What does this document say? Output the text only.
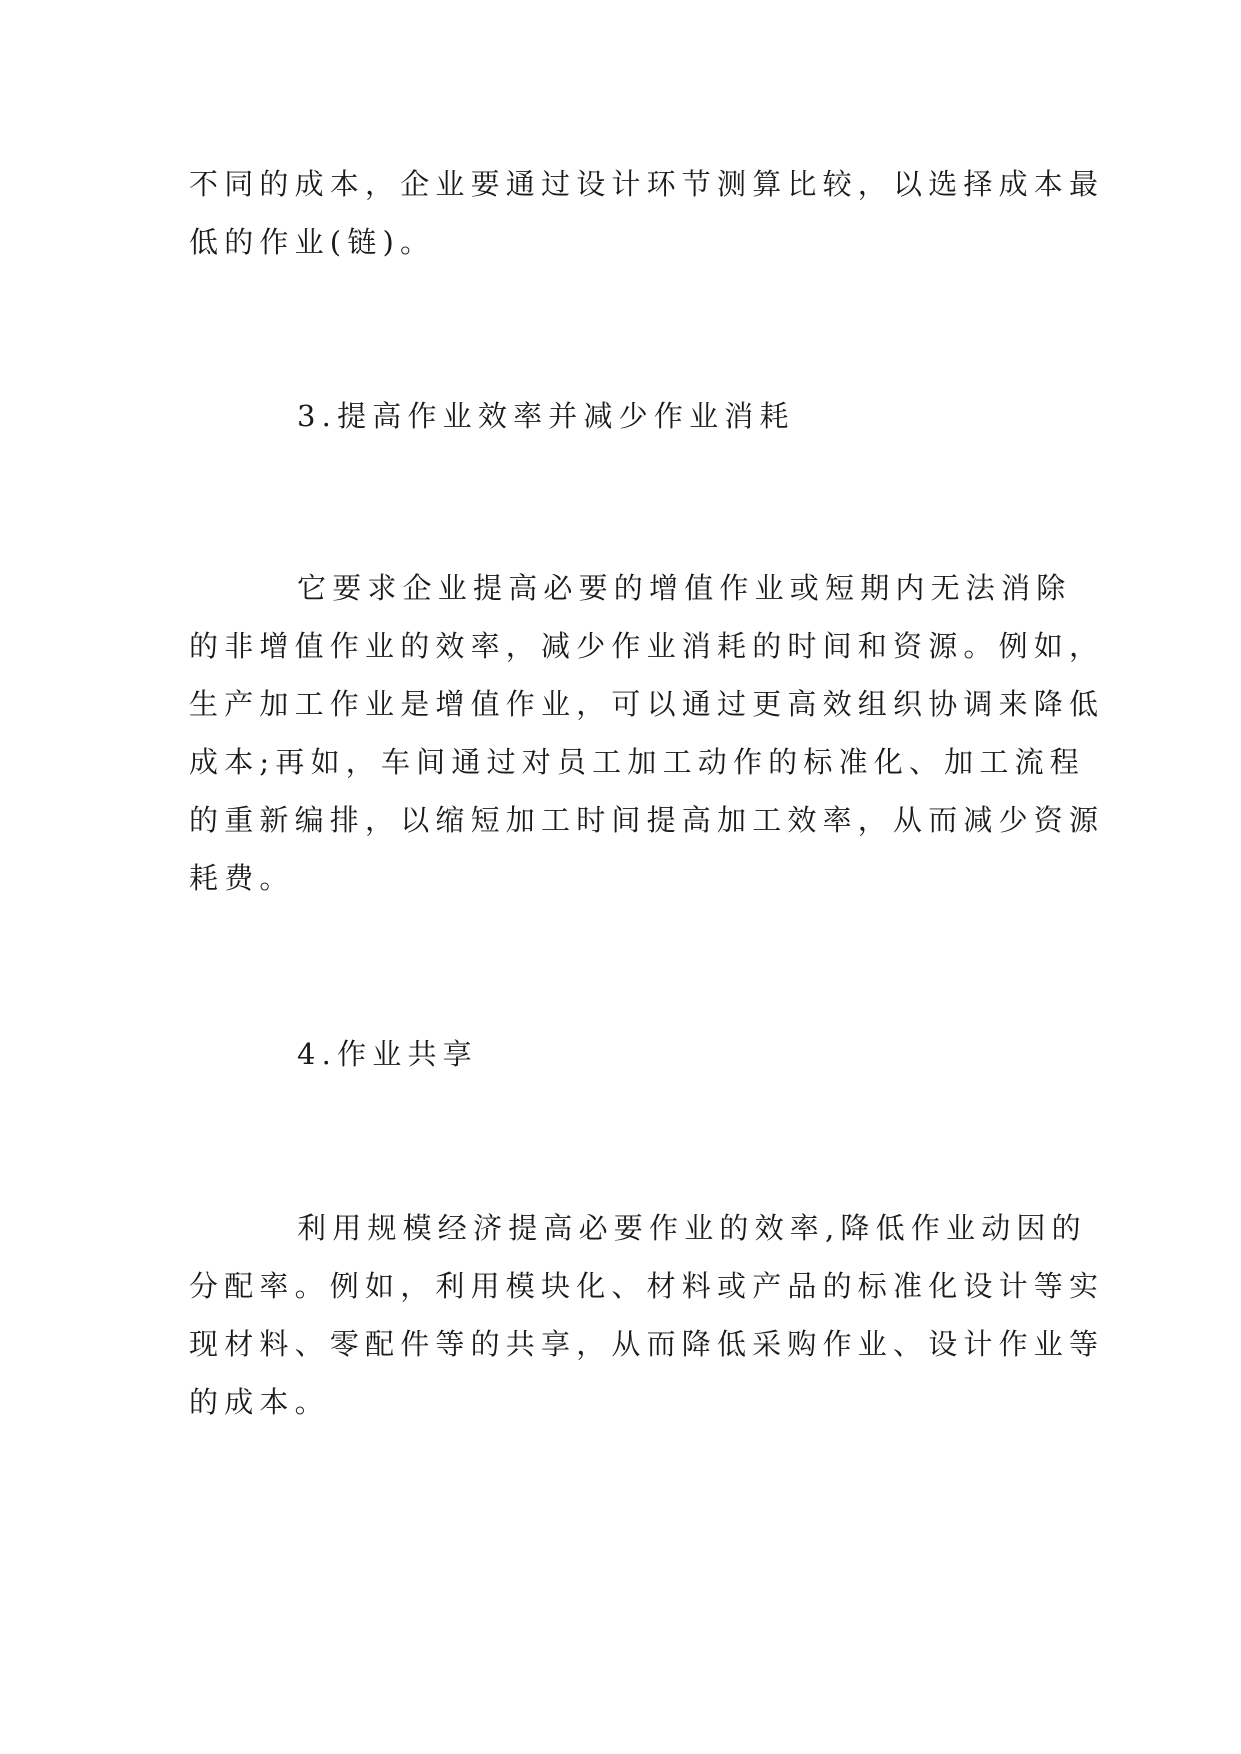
不同的成本，企业要通过设计环节测算比较，以选择成本最
低的作业(链)。
3.提高作业效率并减少作业消耗
它要求企业提高必要的增值作业或短期内无法消除
的非增值作业的效率，减少作业消耗的时间和资源。例如，
生产加工作业是增值作业，可以通过更高效组织协调来降低
成本;再如，车间通过对员工加工动作的标准化、加工流程
的重新编排，以缩短加工时间提高加工效率，从而减少资源
耗费。
4.作业共享
利用规模经济提高必要作业的效率,降低作业动因的
分配率。例如，利用模块化、材料或产品的标准化设计等实
现材料、零配件等的共享，从而降低采购作业、设计作业等
的成本。
